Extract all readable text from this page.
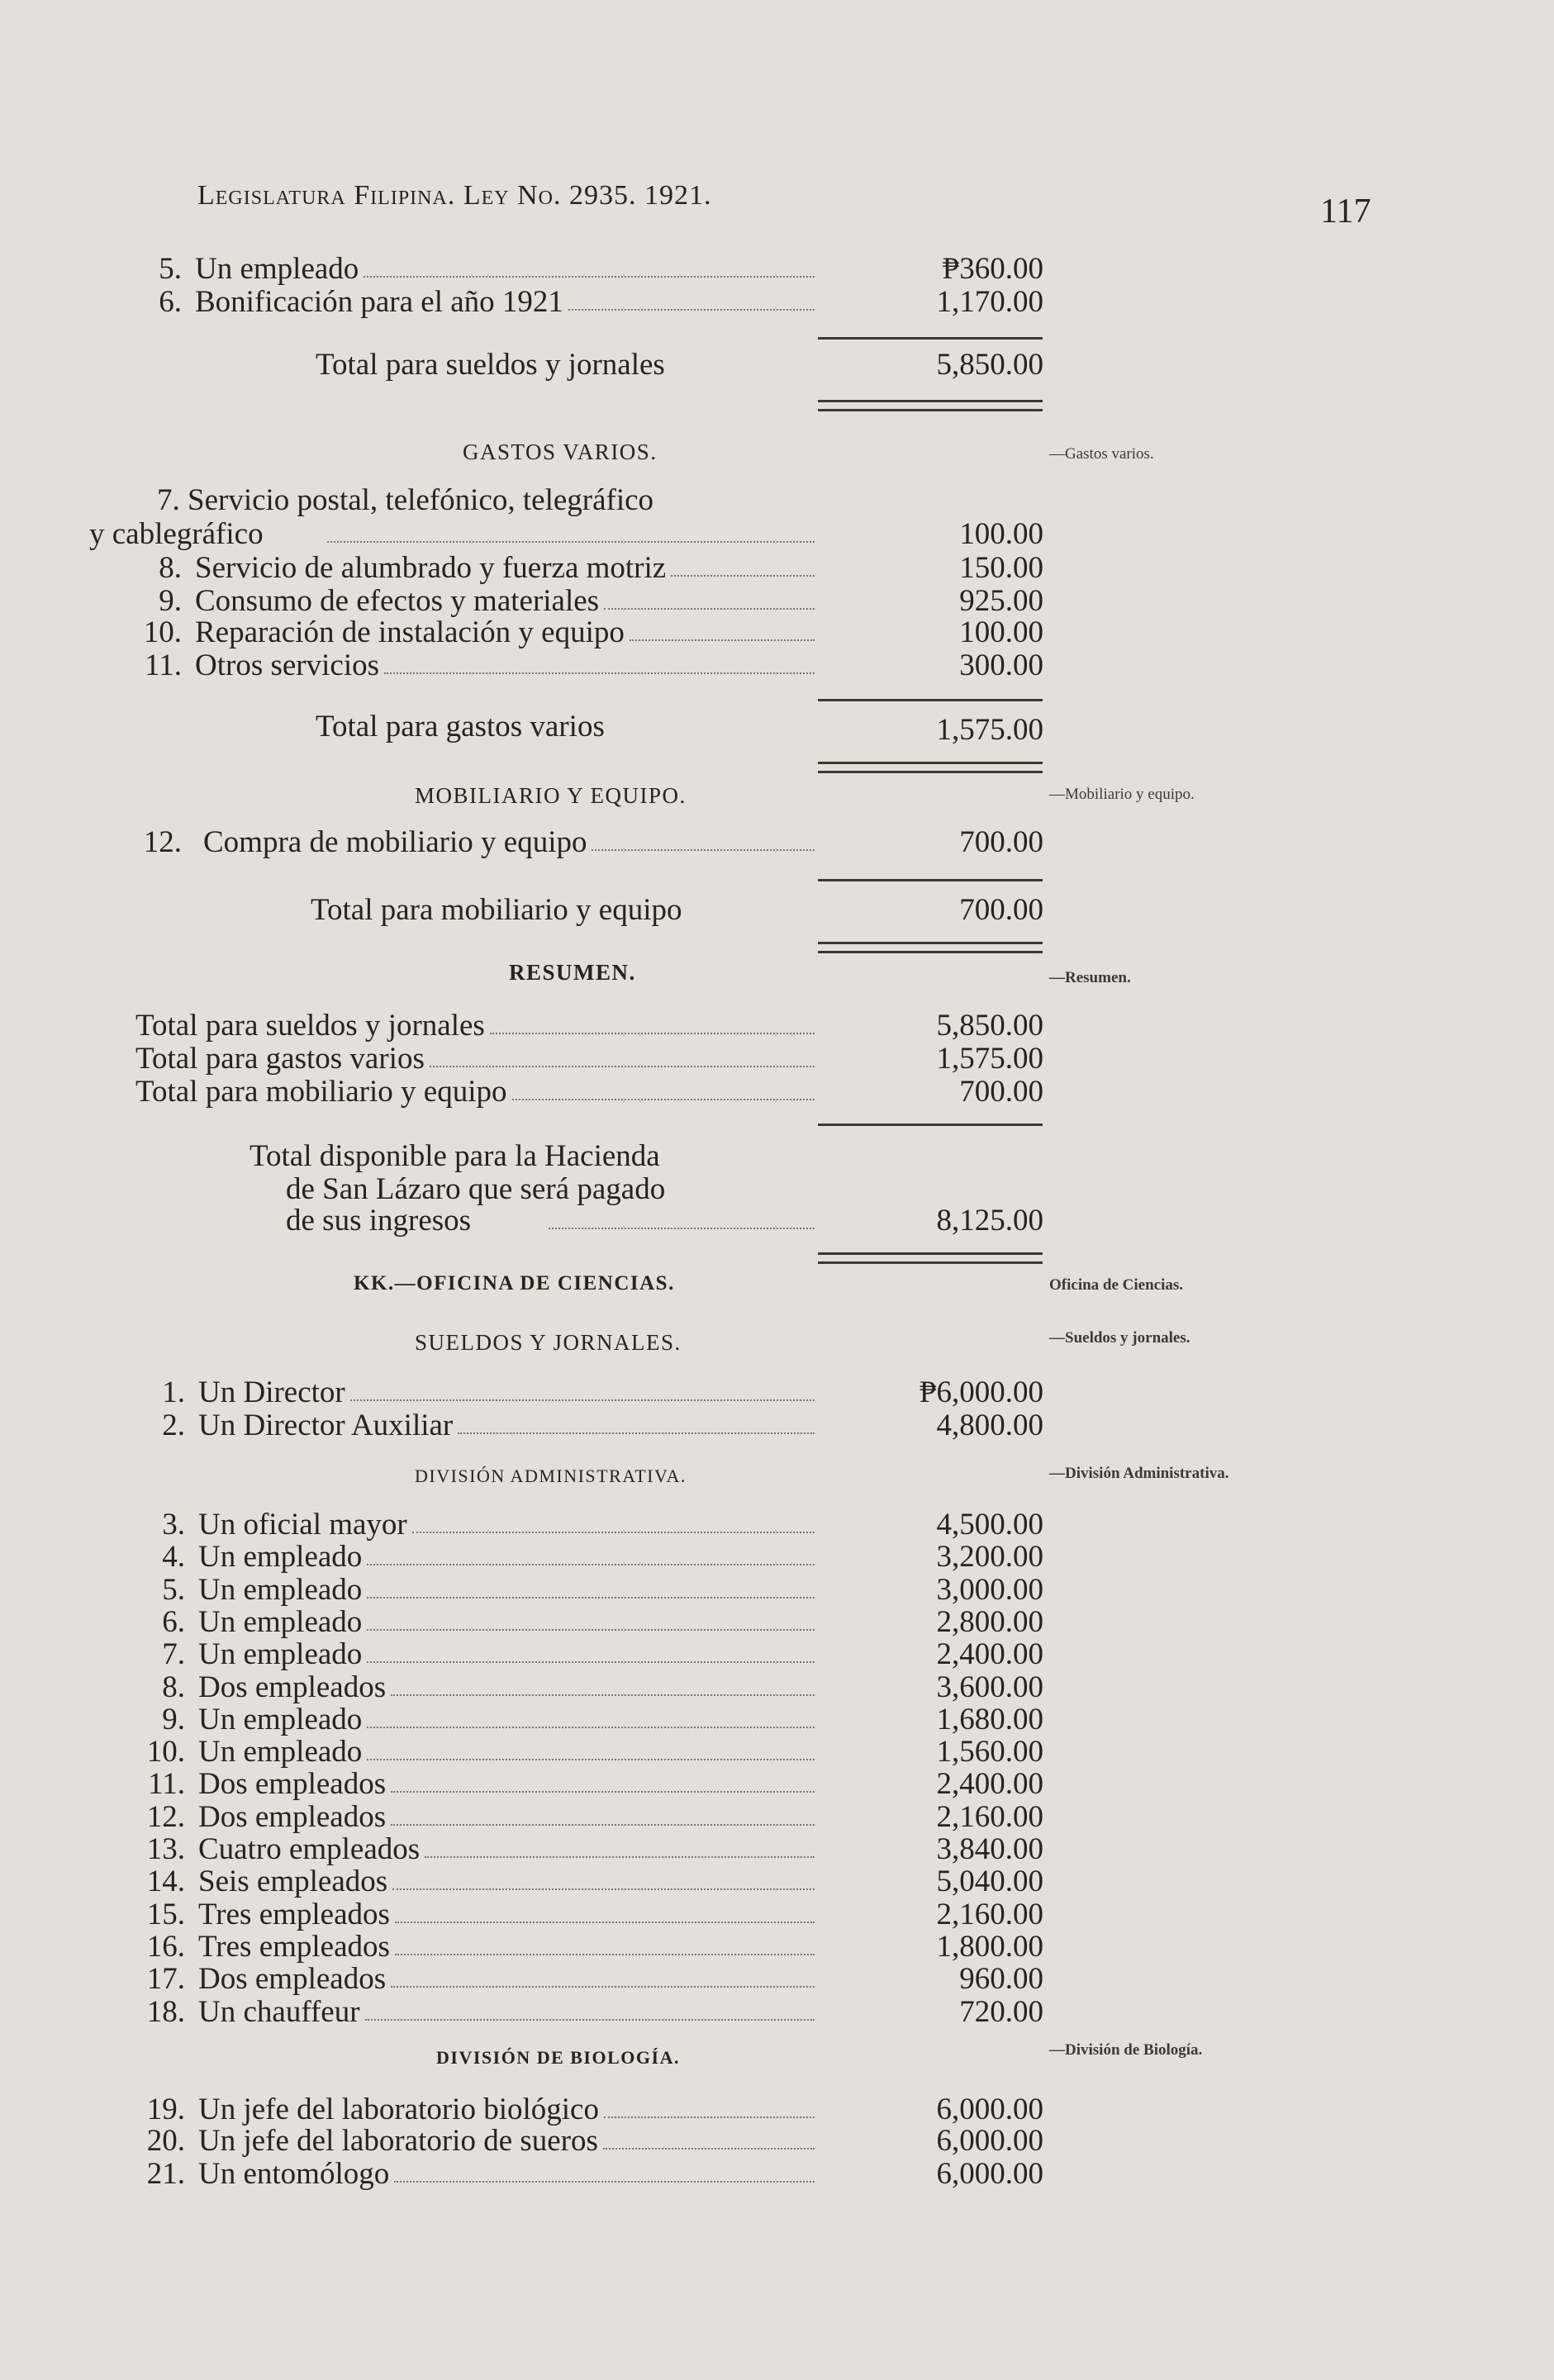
Legislatura Filipina. Ley No. 2935. 1921.	117
5. Un empleado	₱360.00
6. Bonificación para el año 1921	1,170.00
Total para sueldos y jornales	5,850.00
GASTOS VARIOS.	—Gastos varios.
7. Servicio postal, telefónico, telegráfico
y cablegráfico	100.00
8. Servicio de alumbrado y fuerza motriz	150.00
9. Consumo de efectos y materiales	925.00
10. Reparación de instalación y equipo	100.00
11. Otros servicios	300.00
Total para gastos varios	1,575.00
MOBILIARIO Y EQUIPO.	—Mobiliario y equipo.
12. Compra de mobiliario y equipo	700.00
Total para mobiliario y equipo	700.00
RESUMEN.	—Resumen.
Total para sueldos y jornales	5,850.00
Total para gastos varios	1,575.00
Total para mobiliario y equipo	700.00
Total disponible para la Hacienda
de San Lázaro que será pagado
de sus ingresos	8,125.00
KK.—OFICINA DE CIENCIAS.	Oficina de Ciencias.
SUELDOS Y JORNALES.	—Sueldos y jornales.
1. Un Director	₱6,000.00
2. Un Director Auxiliar	4,800.00
DIVISIÓN ADMINISTRATIVA.	—División Administrativa.
3. Un oficial mayor	4,500.00
4. Un empleado	3,200.00
5. Un empleado	3,000.00
6. Un empleado	2,800.00
7. Un empleado	2,400.00
8. Dos empleados	3,600.00
9. Un empleado	1,680.00
10. Un empleado	1,560.00
11. Dos empleados	2,400.00
12. Dos empleados	2,160.00
13. Cuatro empleados	3,840.00
14. Seis empleados	5,040.00
15. Tres empleados	2,160.00
16. Tres empleados	1,800.00
17. Dos empleados	960.00
18. Un chauffeur	720.00
DIVISIÓN DE BIOLOGÍA.	—División de Biología.
19. Un jefe del laboratorio biológico	6,000.00
20. Un jefe del laboratorio de sueros	6,000.00
21. Un entomólogo	6,000.00
